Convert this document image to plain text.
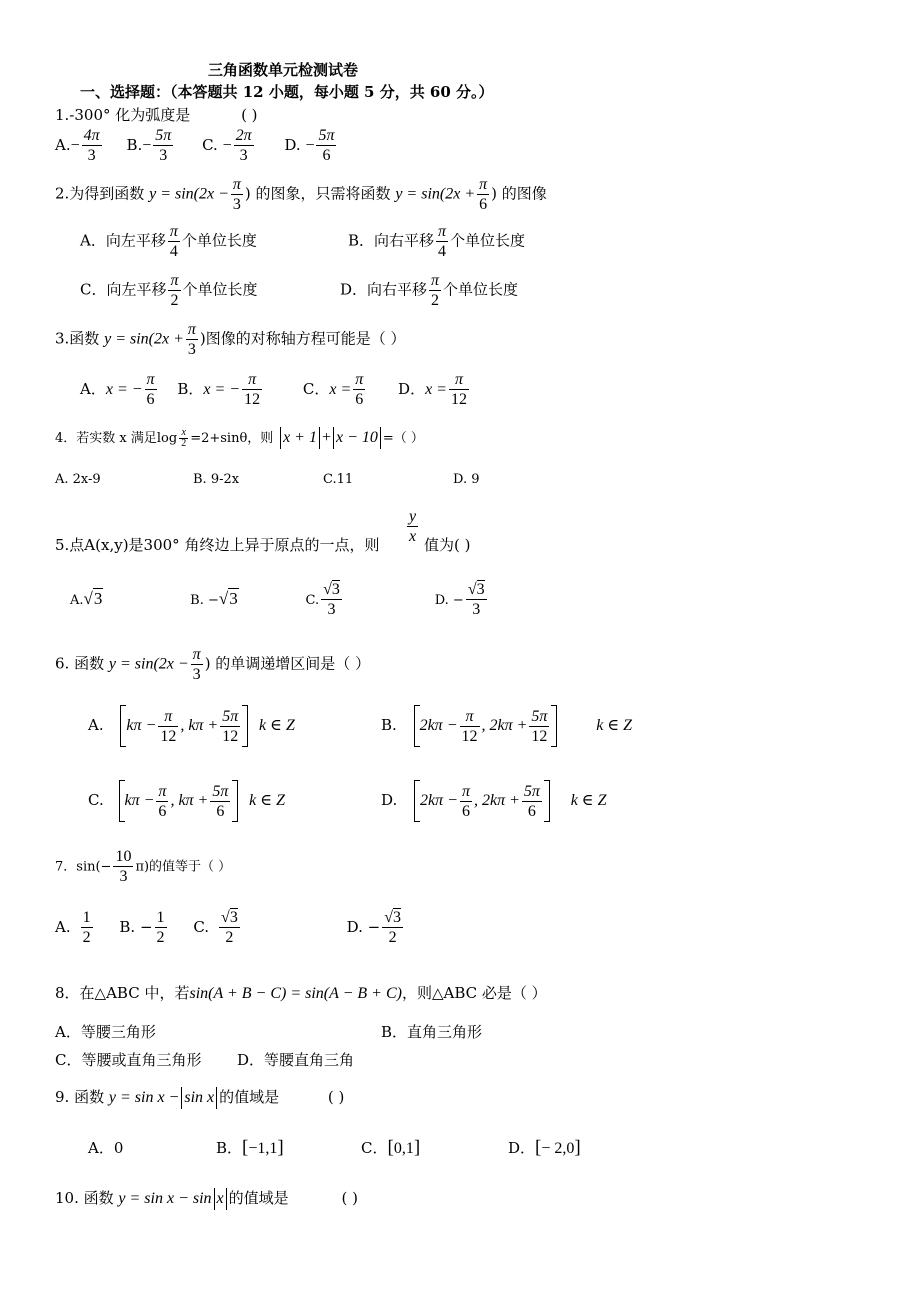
三角函数单元检测试卷
一、选择题：（本答题共 12 小题，每小题 5 分，共 60 分。）
1.-300° 化为弧度是	( )
$A.- \frac{4\pi}{3} B.- \frac{5\pi}{3} C$. − $\frac{2\pi}{3} D$. − $\frac{5\pi}{6}$
2.为得到函数 $y = \sin(2x - \frac{\pi}{3}$ ) 的图象，只需将函数 $y = \sin(2x + \frac{\pi}{6}$ ) 的图像
A．向左平移 $\frac{\pi}{4}$ 个单位长度	B．向右平移 $\frac{\pi}{4}$ 个单位长度
C．向左平移 $\frac{\pi}{2}$ 个单位长度	D．向右平移 $\frac{\pi}{2}$ 个单位长度
3.函数 $y = \sin(2x + \frac{\pi}{3}$ )图像的对称轴方程可能是（ ）
A．x = − $\frac{\pi}{6}$ B．x = − $\frac{\pi}{12}$	C．$x = \frac{\pi}{6}$ D．$x = \frac{\pi}{12}$
4．若实数 x 满足$\log \frac{x}{2} =2+\sin\theta$，则 x + 1 + x − 10 =（ ）
A. 2x-9	B. 9-2x	C.11	D. 9
$\frac{y}{x}$
5.点A(x,y)是300° 角终边上异于原点的一点，则	值为( )
A.√3	B. −√3	C. $\frac{√3}{3}$	D. − $\frac{√3}{3}$
6. 函数 $y = \sin(2x - \frac{\pi}{3}$ ) 的单调递增区间是（ ）
A. $k\pi - \frac{\pi}{12}$ , $k\pi + \frac{5\pi}{12}$ k ∈ Z	B. $2k\pi - \frac{\pi}{12}$ , $2k\pi + \frac{5\pi}{12}$	k ∈ Z
C. $k\pi - \frac{\pi}{6}$ , $k\pi + \frac{5\pi}{6}$ k ∈ Z	D. $2k\pi - \frac{\pi}{6}$ , $2k\pi + \frac{5\pi}{6}$ k ∈ Z
7．$\sin(- \frac{10}{3} \pi)$的值等于（ ）
A. $\frac{1}{2} B$. − $\frac{1}{2} C$. $\frac{√3}{2}$	D. − $\frac{√3}{2}$
8．在△ABC 中，若sin(A + B − C) = sin(A − B + C)，则△ABC 必是（ ）
A．等腰三角形	B．直角三角形
C．等腰或直角三角形 D．等腰直角三角
9. 函数 y = sin x − sin x 的值域是	( )
A．0	B．[−1,1]	C．[0,1]	D．[− 2,0]
10. 函数 y = sin x − sin x 的值域是	( )
